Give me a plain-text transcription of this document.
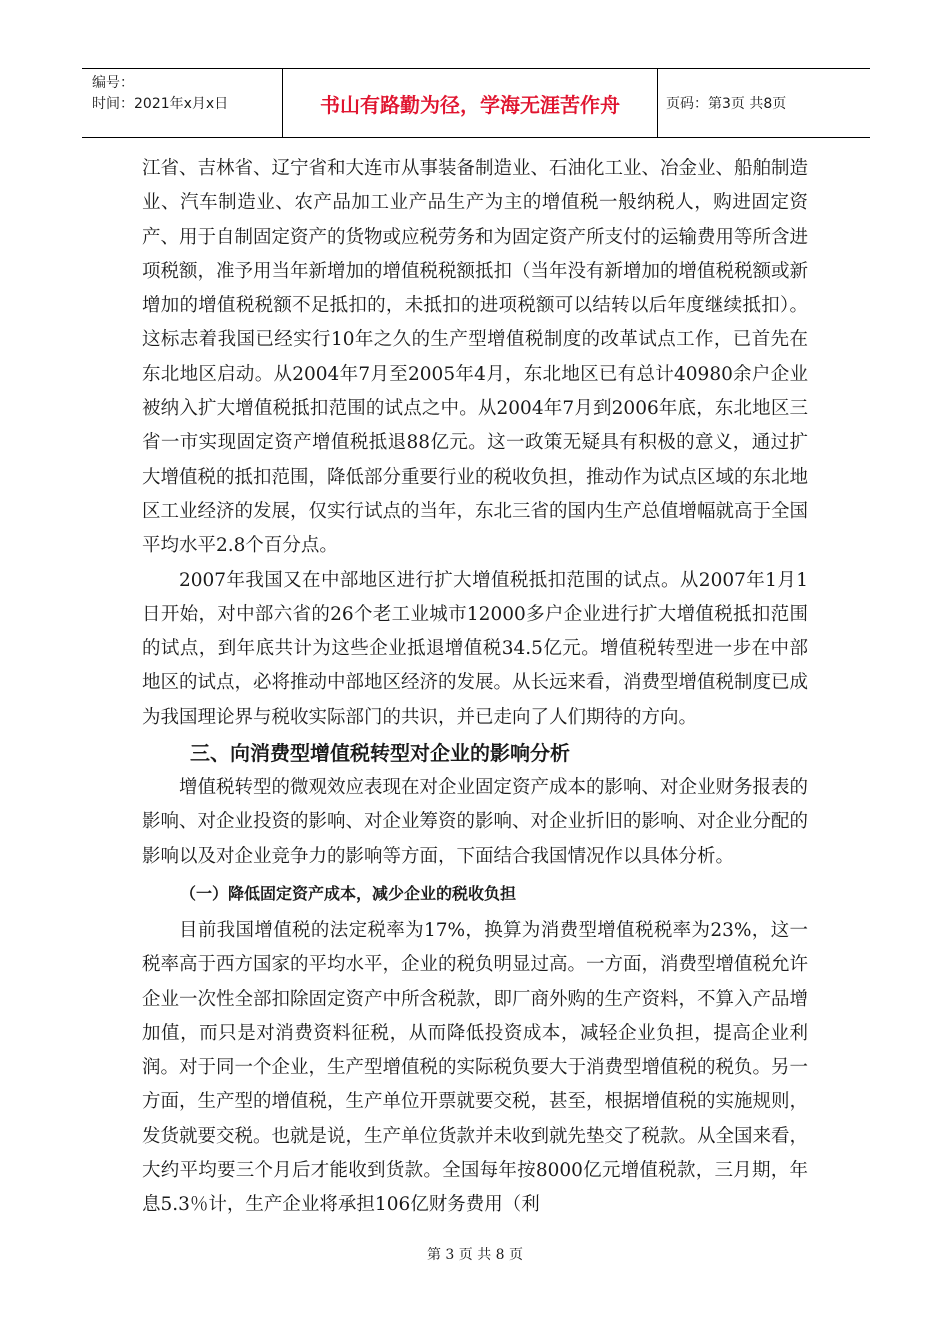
编号：
时间：2021年x月x日	书山有路勤为径，学海无涯苦作舟	页码：第3页 共8页

江省、吉林省、辽宁省和大连市从事装备制造业、石油化工业、冶金业、船舶制造业、汽车制造业、农产品加工业产品生产为主的增值税一般纳税人，购进固定资产、用于自制固定资产的货物或应税劳务和为固定资产所支付的运输费用等所含进项税额，准予用当年新增加的增值税税额抵扣（当年没有新增加的增值税税额或新增加的增值税税额不足抵扣的，未抵扣的进项税额可以结转以后年度继续抵扣）。这标志着我国已经实行10年之久的生产型增值税制度的改革试点工作，已首先在东北地区启动。从2004年7月至2005年4月，东北地区已有总计40980余户企业被纳入扩大增值税抵扣范围的试点之中。从2004年7月到2006年底，东北地区三省一市实现固定资产增值税抵退88亿元。这一政策无疑具有积极的意义，通过扩大增值税的抵扣范围，降低部分重要行业的税收负担，推动作为试点区域的东北地区工业经济的发展，仅实行试点的当年，东北三省的国内生产总值增幅就高于全国平均水平2.8个百分点。

2007年我国又在中部地区进行扩大增值税抵扣范围的试点。从2007年1月1日开始，对中部六省的26个老工业城市12000多户企业进行扩大增值税抵扣范围的试点，到年底共计为这些企业抵退增值税34.5亿元。增值税转型进一步在中部地区的试点，必将推动中部地区经济的发展。从长远来看，消费型增值税制度已成为我国理论界与税收实际部门的共识，并已走向了人们期待的方向。

三、向消费型增值税转型对企业的影响分析

增值税转型的微观效应表现在对企业固定资产成本的影响、对企业财务报表的影响、对企业投资的影响、对企业筹资的影响、对企业折旧的影响、对企业分配的影响以及对企业竞争力的影响等方面，下面结合我国情况作以具体分析。

（一）降低固定资产成本，减少企业的税收负担

目前我国增值税的法定税率为17%，换算为消费型增值税税率为23%，这一税率高于西方国家的平均水平，企业的税负明显过高。一方面，消费型增值税允许企业一次性全部扣除固定资产中所含税款，即厂商外购的生产资料，不算入产品增加值，而只是对消费资料征税，从而降低投资成本，减轻企业负担，提高企业利润。对于同一个企业，生产型增值税的实际税负要大于消费型增值税的税负。另一方面，生产型的增值税，生产单位开票就要交税，甚至，根据增值税的实施规则，发货就要交税。也就是说，生产单位货款并未收到就先垫交了税款。从全国来看，大约平均要三个月后才能收到货款。全国每年按8000亿元增值税款，三月期，年息5.3％计，生产企业将承担106亿财务费用（利

第 3 页 共 8 页
